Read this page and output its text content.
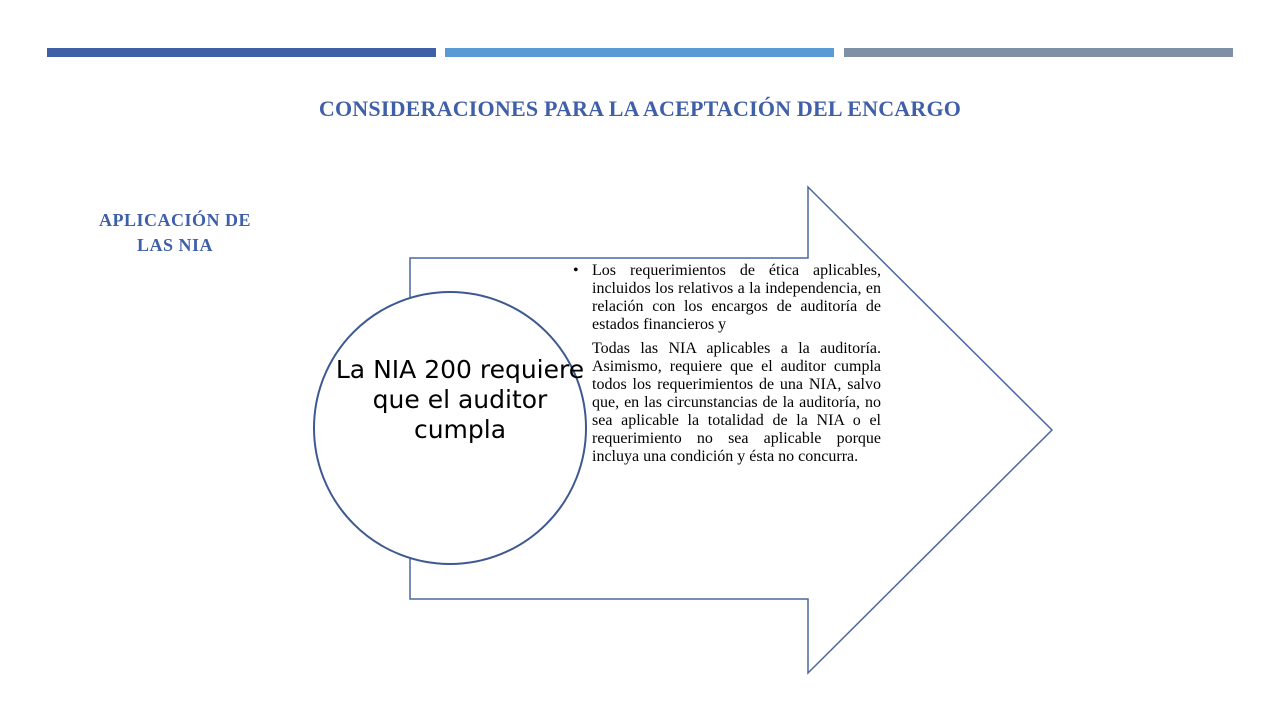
CONSIDERACIONES PARA LA ACEPTACIÓN DEL ENCARGO
APLICACIÓN DE
LAS NIA
La NIA 200 requiere que el auditor cumpla
• Los requerimientos de ética aplicables, incluidos los relativos a la independencia, en relación con los encargos de auditoría de estados financieros y
Todas las NIA aplicables a la auditoría. Asimismo, requiere que el auditor cumpla todos los requerimientos de una NIA, salvo que, en las circunstancias de la auditoría, no sea aplicable la totalidad de la NIA o el requerimiento no sea aplicable porque incluya una condición y ésta no concurra.
